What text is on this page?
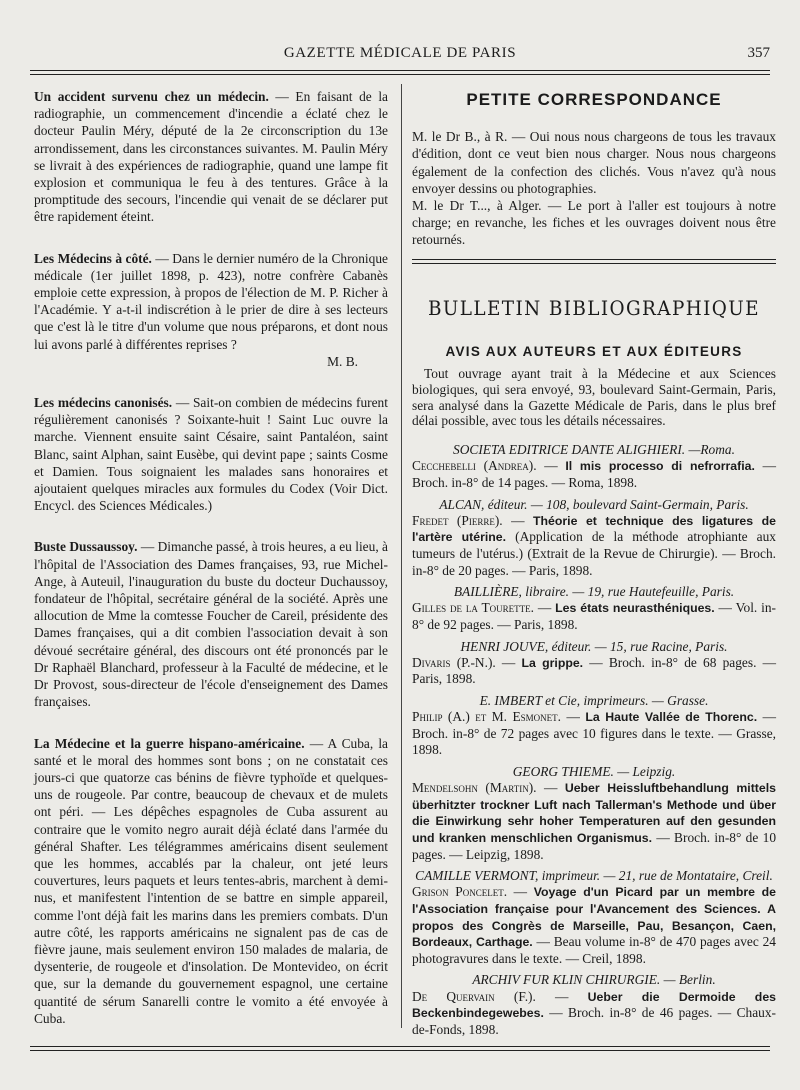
GAZETTE MÉDICALE DE PARIS	357

Un accident survenu chez un médecin. — En faisant de la radiographie, un commencement d'incendie a éclaté chez le docteur Paulin Méry, député de la 2e circonscription du 13e arrondissement, dans les circonstances suivantes. M. Paulin Méry se livrait à des expériences de radiographie, quand une lampe fit explosion et communiqua le feu à des tentures. Grâce à la promptitude des secours, l'incendie qui venait de se déclarer put être rapidement éteint.

Les Médecins à côté. — Dans le dernier numéro de la Chronique médicale (1er juillet 1898, p. 423), notre confrère Cabanès emploie cette expression, à propos de l'élection de M. P. Richer à l'Académie. Y a-t-il indiscrétion à le prier de dire à ses lecteurs que c'est là le titre d'un volume que nous préparons, et dont nous lui avons parlé à différentes reprises ?

M. B.

Les médecins canonisés. — Sait-on combien de médecins furent régulièrement canonisés ? Soixante-huit ! Saint Luc ouvre la marche. Viennent ensuite saint Césaire, saint Pantaléon, saint Blanc, saint Alphan, saint Eusèbe, qui devint pape ; saints Cosme et Damien. Tous soignaient les malades sans honoraires et ajoutaient quelques miracles aux formules du Codex (Voir Dict. Encycl. des Sciences Médicales.)

Buste Dussaussoy. — Dimanche passé, à trois heures, a eu lieu, à l'hôpital de l'Association des Dames françaises, 93, rue Michel-Ange, à Auteuil, l'inauguration du buste du docteur Duchaussoy, fondateur de l'hôpital, secrétaire général de la société. Après une allocution de Mme la comtesse Foucher de Careil, présidente des Dames françaises, qui a dit combien l'association devait à son dévoué secrétaire général, des discours ont été prononcés par le Dr Raphaël Blanchard, professeur à la Faculté de médecine, et le Dr Provost, sous-directeur de l'école d'enseignement des Dames françaises.

La Médecine et la guerre hispano-américaine. — A Cuba, la santé et le moral des hommes sont bons ; on ne constatait ces jours-ci que quatorze cas bénins de fièvre typhoïde et quelques-uns de rougeole. Par contre, beaucoup de chevaux et de mulets ont péri. — Les dépêches espagnoles de Cuba assurent au contraire que le vomito negro aurait déjà éclaté dans l'armée du général Shafter. Les télégrammes américains disent seulement que les hommes, accablés par la chaleur, ont jeté leurs couvertures, leurs paquets et leurs tentes-abris, marchent à demi-nus, et manifestent l'intention de se battre en simple appareil, comme l'ont déjà fait les marins dans les premiers combats. D'un autre côté, les rapports américains ne signalent pas de cas de fièvre jaune, mais seulement environ 150 malades de malaria, de dysenterie, de rougeole et d'insolation. De Montevideo, on écrit que, sur la demande du gouvernement espagnol, une certaine quantité de sérum Sanarelli contre le vomito a été envoyée à Cuba.

PETITE CORRESPONDANCE

M. le Dr B., à R. — Oui nous nous chargeons de tous les travaux d'édition, dont ce veut bien nous charger. Nous nous chargeons également de la confection des clichés. Vous n'avez qu'à nous envoyer dessins ou photographies.

M. le Dr T..., à Alger. — Le port à l'aller est toujours à notre charge; en revanche, les fiches et les ouvrages doivent nous être retournés.

BULLETIN BIBLIOGRAPHIQUE
AVIS AUX AUTEURS ET AUX ÉDITEURS

Tout ouvrage ayant trait à la Médecine et aux Sciences biologiques, qui sera envoyé, 93, boulevard Saint-Germain, Paris, sera analysé dans la Gazette Médicale de Paris, dans le plus bref délai possible, avec tous les détails nécessaires.

SOCIETA EDITRICE DANTE ALIGHIERI. —Roma.

Cecchebelli (Andrea). — Il mis processo di nefrorrafia. — Broch. in-8° de 14 pages. — Roma, 1898.

ALCAN, éditeur. — 108, boulevard Saint-Germain, Paris.

Fredet (Pierre). — Théorie et technique des ligatures de l'artère utérine. (Application de la méthode atrophiante aux tumeurs de l'utérus.) (Extrait de la Revue de Chirurgie). — Broch. in-8° de 20 pages. — Paris, 1898.

BAILLIÈRE, libraire. — 19, rue Hautefeuille, Paris.

Gilles de la Tourette. — Les états neurasthéniques. — Vol. in-8° de 92 pages. — Paris, 1898.

HENRI JOUVE, éditeur. — 15, rue Racine, Paris.

Divaris (P.-N.). — La grippe. — Broch. in-8° de 68 pages. — Paris, 1898.

E. IMBERT et Cie, imprimeurs. — Grasse.

Philip (A.) et M. Esmonet. — La Haute Vallée de Thorenc. — Broch. in-8° de 72 pages avec 10 figures dans le texte. — Grasse, 1898.

GEORG THIEME. — Leipzig.

Mendelsohn (Martin). — Ueber Heissluftbehandlung mittels überhitzter trockner Luft nach Tallerman's Methode und über die Einwirkung sehr hoher Temperaturen auf den gesunden und kranken menschlichen Organismus. — Broch. in-8° de 10 pages. — Leipzig, 1898.

CAMILLE VERMONT, imprimeur. — 21, rue de Montataire, Creil.

Grison Poncelet. — Voyage d'un Picard par un membre de l'Association française pour l'Avancement des Sciences. A propos des Congrès de Marseille, Pau, Besançon, Caen, Bordeaux, Carthage. — Beau volume in-8° de 470 pages avec 24 photogravures dans le texte. — Creil, 1898.

ARCHIV FUR KLIN CHIRURGIE. — Berlin.

De Quervain (F.). — Ueber die Dermoide des Beckenbindegewebes. — Broch. in-8° de 46 pages. — Chaux-de-Fonds, 1898.
